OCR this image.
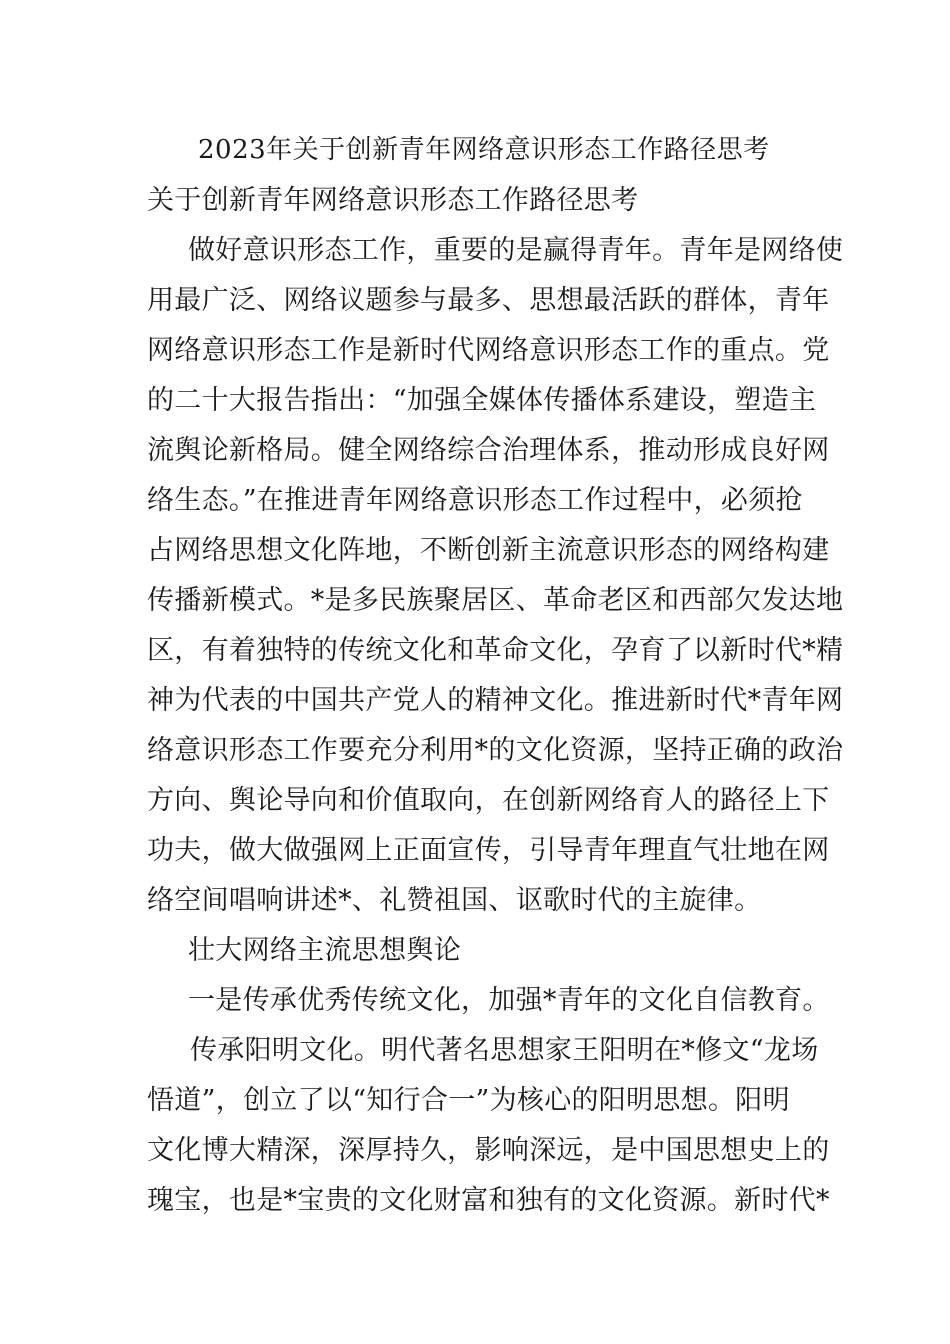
2023年关于创新青年网络意识形态工作路径思考
关于创新青年网络意识形态工作路径思考
做好意识形态工作，重要的是赢得青年。青年是网络使
用最广泛、网络议题参与最多、思想最活跃的群体，青年
网络意识形态工作是新时代网络意识形态工作的重点。党
的二十大报告指出：“加强全媒体传播体系建设，塑造主
流舆论新格局。健全网络综合治理体系，推动形成良好网
络生态。”在推进青年网络意识形态工作过程中，必须抢
占网络思想文化阵地，不断创新主流意识形态的网络构建
传播新模式。*是多民族聚居区、革命老区和西部欠发达地
区，有着独特的传统文化和革命文化，孕育了以新时代*精
神为代表的中国共产党人的精神文化。推进新时代*青年网
络意识形态工作要充分利用*的文化资源，坚持正确的政治
方向、舆论导向和价值取向，在创新网络育人的路径上下
功夫，做大做强网上正面宣传，引导青年理直气壮地在网
络空间唱响讲述*、礼赞祖国、讴歌时代的主旋律。
壮大网络主流思想舆论
一是传承优秀传统文化，加强*青年的文化自信教育。
传承阳明文化。明代著名思想家王阳明在*修文“龙场
悟道”，创立了以“知行合一”为核心的阳明思想。阳明
文化博大精深，深厚持久，影响深远，是中国思想史上的
瑰宝，也是*宝贵的文化财富和独有的文化资源。新时代*
